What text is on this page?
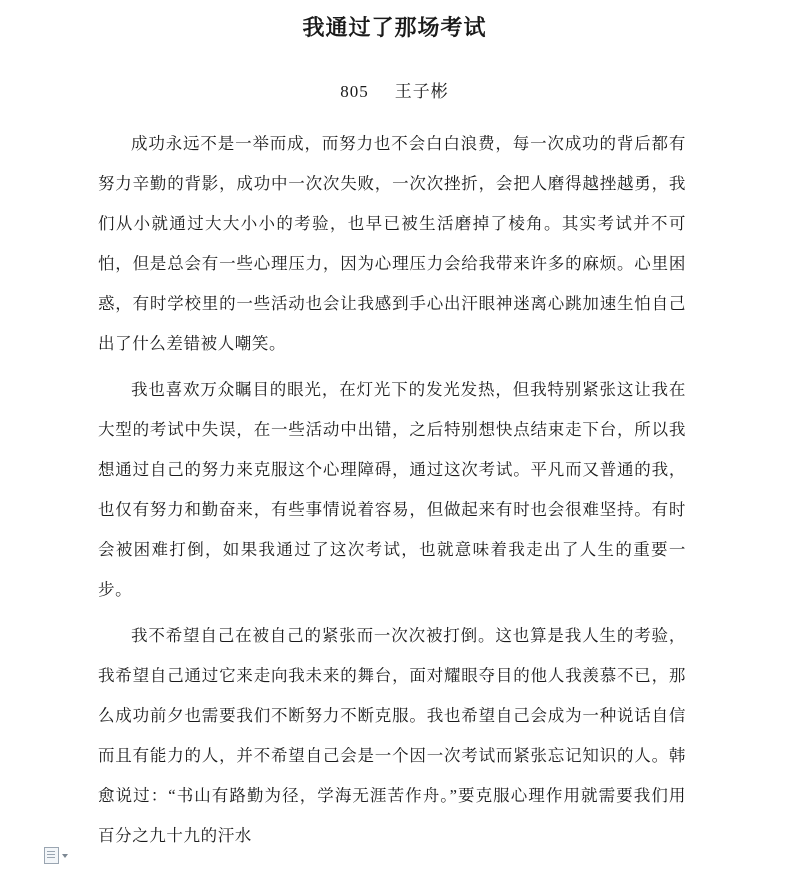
我通过了那场考试
805 王子彬

成功永远不是一举而成，而努力也不会白白浪费，每一次成功的背后都有努力辛勤的背影，成功中一次次失败，一次次挫折，会把人磨得越挫越勇，我们从小就通过大大小小的考验，也早已被生活磨掉了棱角。其实考试并不可怕，但是总会有一些心理压力，因为心理压力会给我带来许多的麻烦。心里困惑，有时学校里的一些活动也会让我感到手心出汗眼神迷离心跳加速生怕自己出了什么差错被人嘲笑。

我也喜欢万众瞩目的眼光，在灯光下的发光发热，但我特别紧张这让我在大型的考试中失误，在一些活动中出错，之后特别想快点结束走下台，所以我想通过自己的努力来克服这个心理障碍，通过这次考试。平凡而又普通的我，也仅有努力和勤奋来，有些事情说着容易，但做起来有时也会很难坚持。有时会被困难打倒，如果我通过了这次考试，也就意味着我走出了人生的重要一步。

我不希望自己在被自己的紧张而一次次被打倒。这也算是我人生的考验，我希望自己通过它来走向我未来的舞台，面对耀眼夺目的他人我羡慕不已，那么成功前夕也需要我们不断努力不断克服。我也希望自己会成为一种说话自信而且有能力的人，并不希望自己会是一个因一次考试而紧张忘记知识的人。韩愈说过：“书山有路勤为径，学海无涯苦作舟。”要克服心理作用就需要我们用百分之九十九的汗水
